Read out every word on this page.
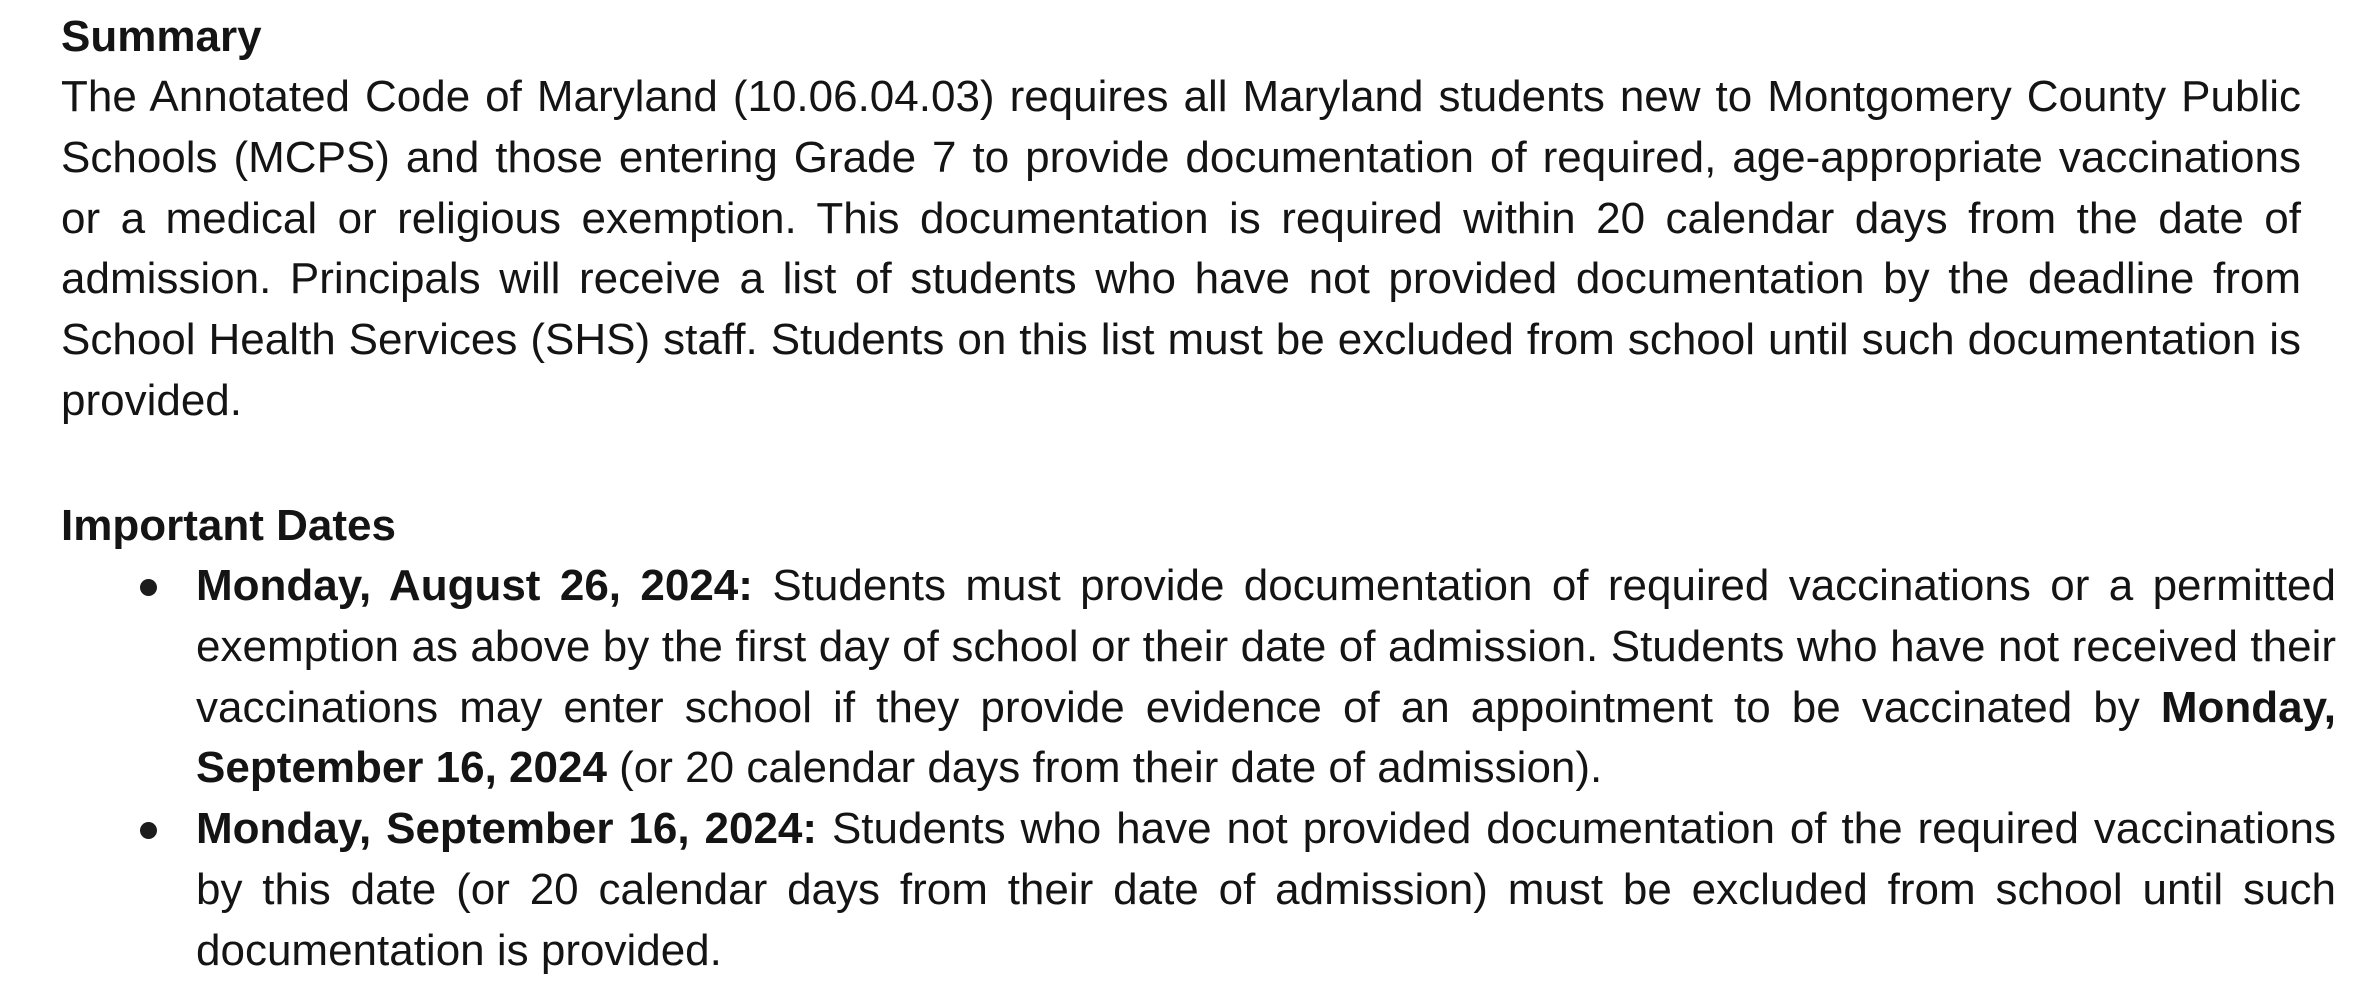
Summary

The Annotated Code of Maryland (10.06.04.03) requires all Maryland students new to Montgomery County Public Schools (MCPS) and those entering Grade 7 to provide documentation of required, age-appropriate vaccinations or a medical or religious exemption. This documentation is required within 20 calendar days from the date of admission. Principals will receive a list of students who have not provided documentation by the deadline from School Health Services (SHS) staff. Students on this list must be excluded from school until such documentation is provided.

Important Dates
Monday, August 26, 2024: Students must provide documentation of required vaccinations or a permitted exemption as above by the first day of school or their date of admission. Students who have not received their vaccinations may enter school if they provide evidence of an appointment to be vaccinated by Monday, September 16, 2024 (or 20 calendar days from their date of admission).
Monday, September 16, 2024: Students who have not provided documentation of the required vaccinations by this date (or 20 calendar days from their date of admission) must be excluded from school until such documentation is provided.
